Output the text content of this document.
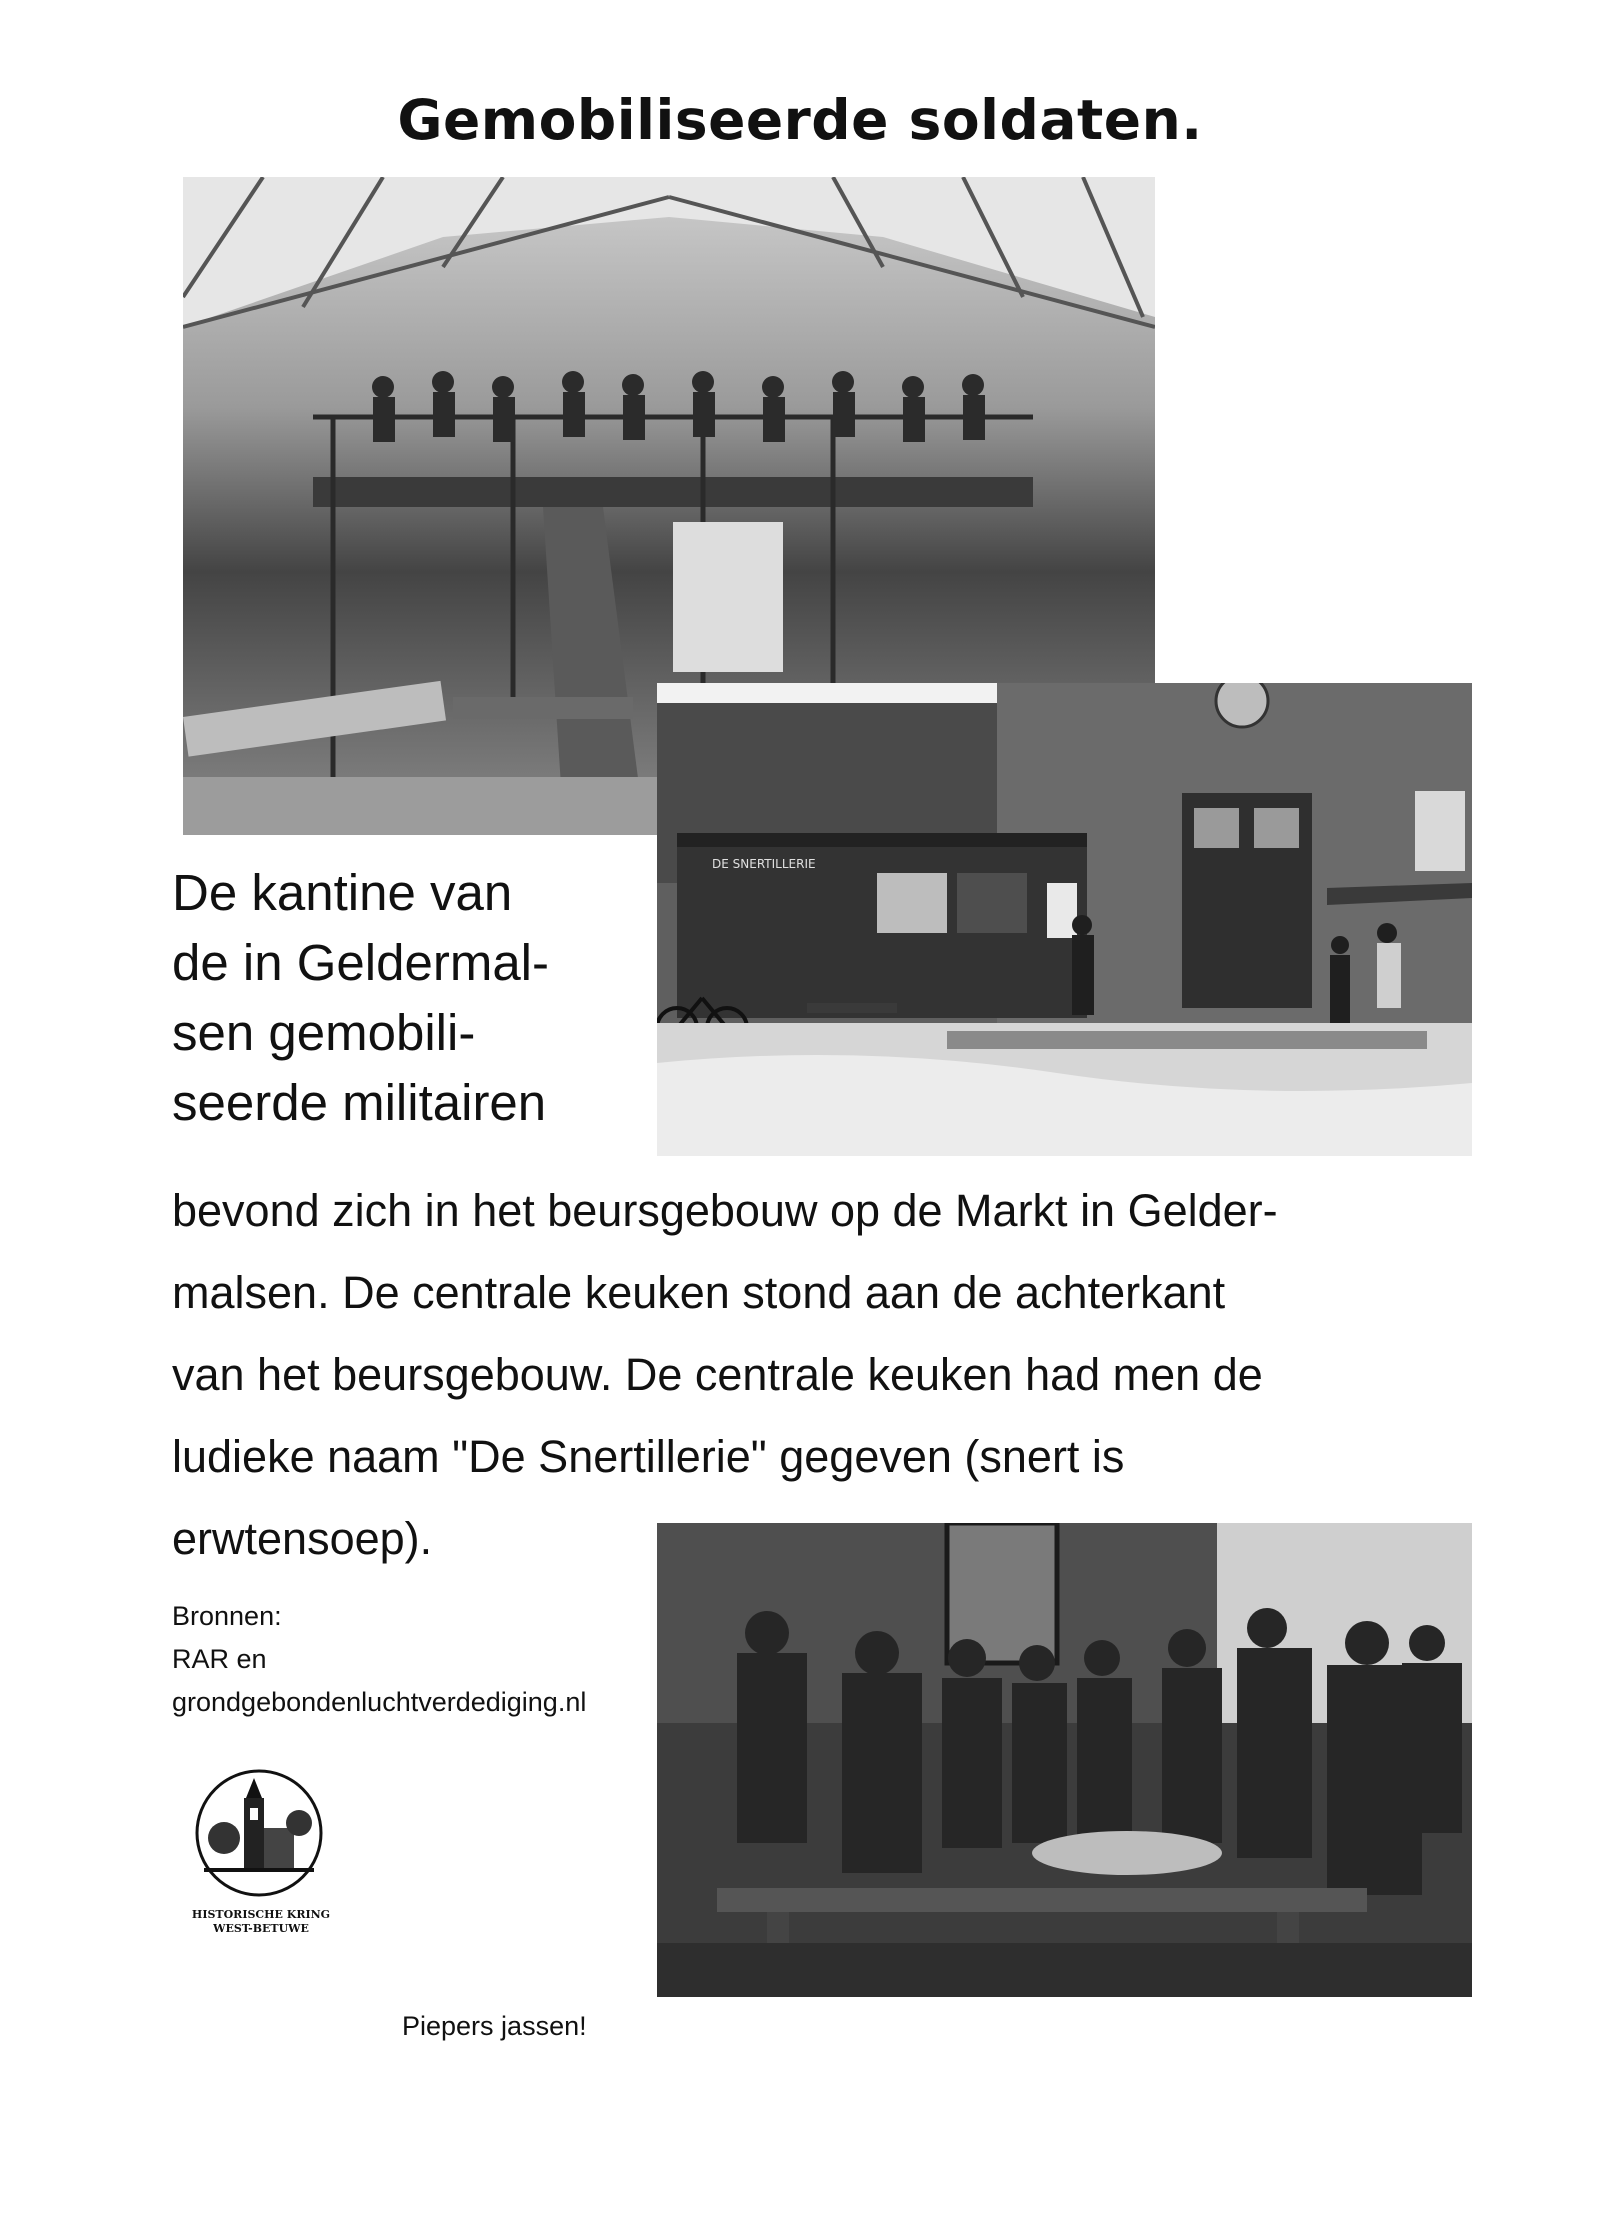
Gemobiliseerde soldaten.
DE SNERTILLERIE
De kantine van
de in Geldermal-
sen gemobili-
seerde militairen
bevond zich in het beursgebouw op de Markt in Gelder-
malsen. De centrale keuken stond aan de achterkant
van het beursgebouw. De centrale keuken had men de
ludieke naam "De Snertillerie" gegeven (snert is
erwtensoep).
Bronnen:
RAR en
grondgebondenluchtverdediging.nl
HISTORISCHE KRING
WEST-BETUWE
Piepers jassen!
